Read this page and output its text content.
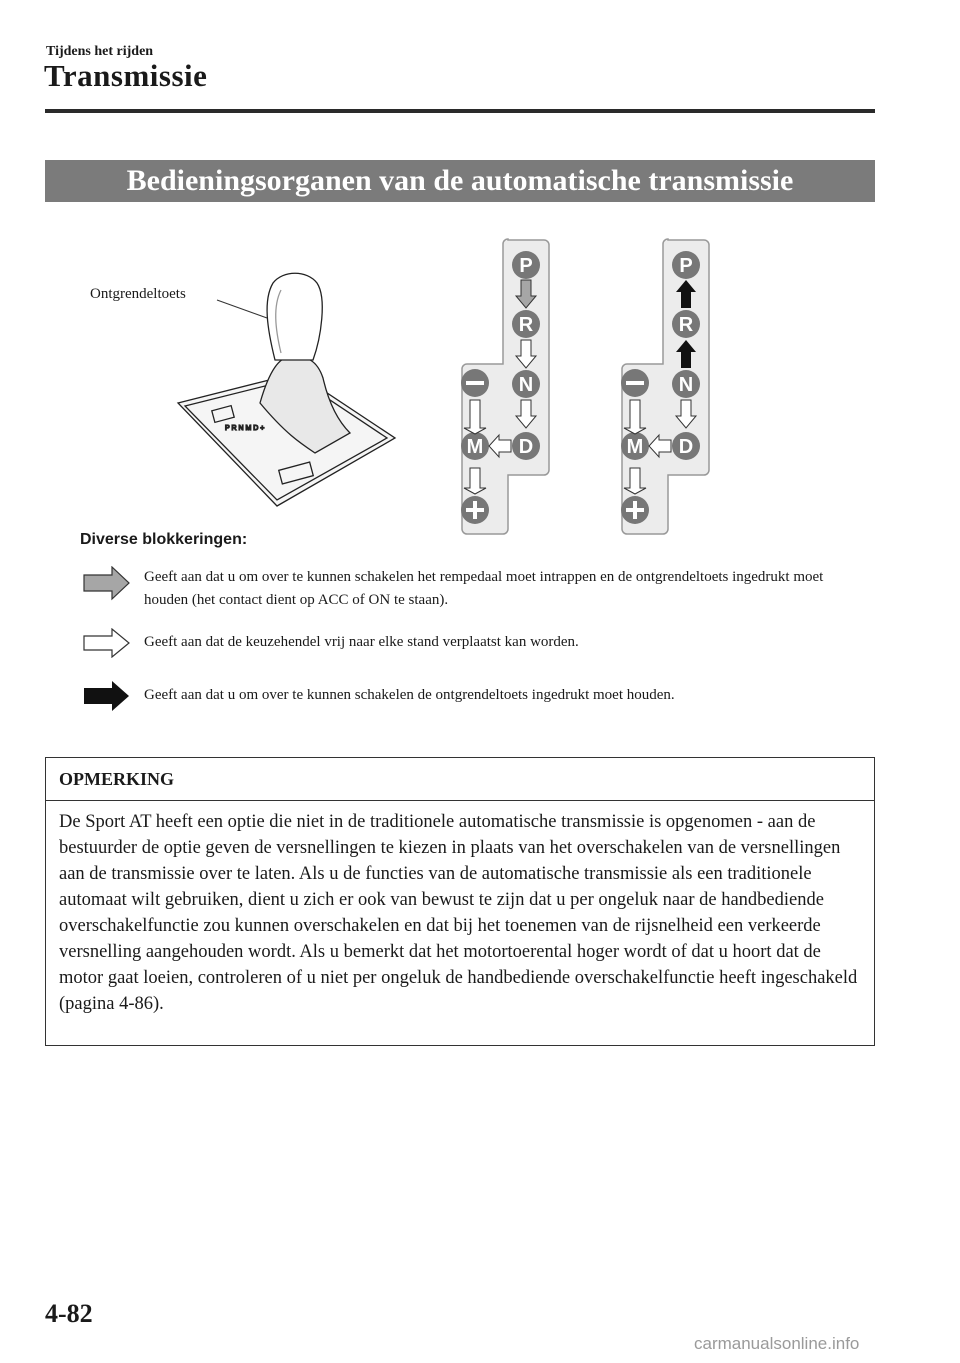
Tijdens het rijden
Transmissie
Bedieningsorganen van de automatische transmissie
P R N M D +
P
R
N
D
M
P
R
N
D
M
Ontgrendeltoets
Diverse blokkeringen:
Geeft aan dat u om over te kunnen schakelen het rempedaal moet intrappen en de ontgrendeltoets ingedrukt moet houden (het contact dient op ACC of ON te staan).
Geeft aan dat de keuzehendel vrij naar elke stand verplaatst kan worden.
Geeft aan dat u om over te kunnen schakelen de ontgrendeltoets ingedrukt moet houden.
OPMERKING
De Sport AT heeft een optie die niet in de traditionele automatische transmissie is opgenomen - aan de bestuurder de optie geven de versnellingen te kiezen in plaats van het overschakelen van de versnellingen aan de transmissie over te laten. Als u de functies van de automatische transmissie als een traditionele automaat wilt gebruiken, dient u zich er ook van bewust te zijn dat u per ongeluk naar de handbediende overschakelfunctie zou kunnen overschakelen en dat bij het toenemen van de rijsnelheid een verkeerde versnelling aangehouden wordt. Als u bemerkt dat het motortoerental hoger wordt of dat u hoort dat de motor gaat loeien, controleren of u niet per ongeluk de handbediende overschakelfunctie heeft ingeschakeld (pagina 4-86).
4-82
carmanualsonline.info
